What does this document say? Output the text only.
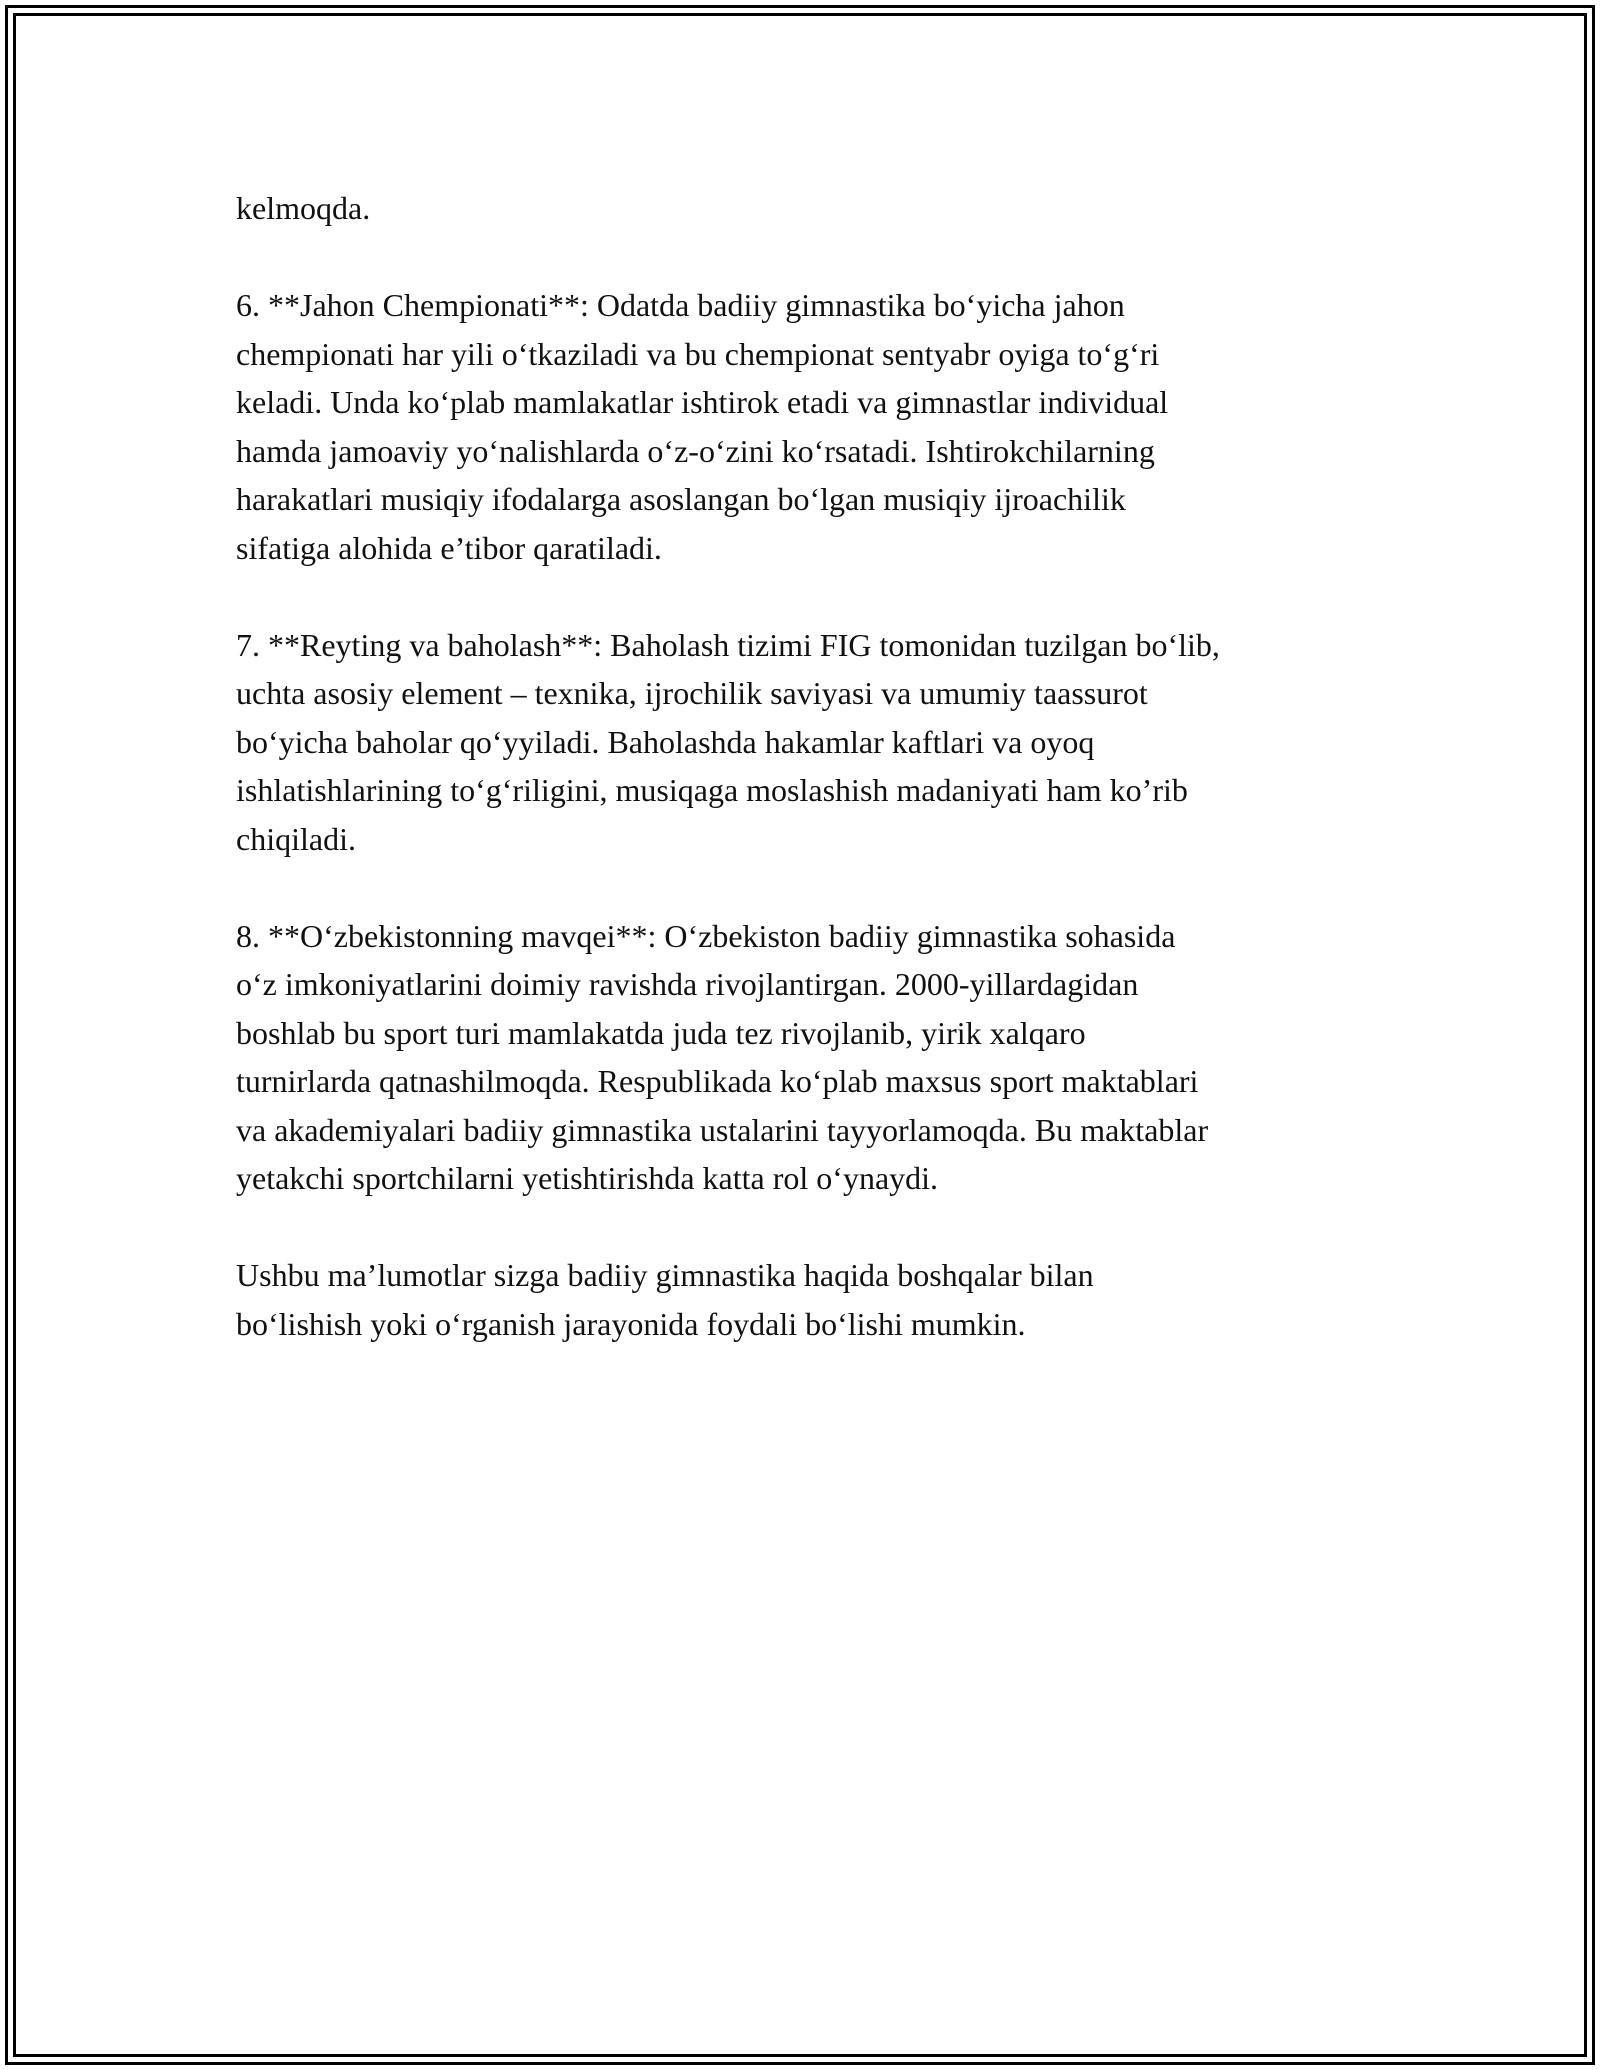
kelmoqda.

6. **Jahon Chempionati**: Odatda badiiy gimnastika bo‘yicha jahon
chempionati har yili o‘tkaziladi va bu chempionat sentyabr oyiga to‘g‘ri
keladi. Unda ko‘plab mamlakatlar ishtirok etadi va gimnastlar individual
hamda jamoaviy yo‘nalishlarda o‘z-o‘zini ko‘rsatadi. Ishtirokchilarning
harakatlari musiqiy ifodalarga asoslangan bo‘lgan musiqiy ijroachilik
sifatiga alohida e’tibor qaratiladi.

7. **Reyting va baholash**: Baholash tizimi FIG tomonidan tuzilgan bo‘lib,
uchta asosiy element – texnika, ijrochilik saviyasi va umumiy taassurot
bo‘yicha baholar qo‘yyiladi. Baholashda hakamlar kaftlari va oyoq
ishlatishlarining to‘g‘riligini, musiqaga moslashish madaniyati ham ko’rib
chiqiladi.

8. **O‘zbekistonning mavqei**: O‘zbekiston badiiy gimnastika sohasida
o‘z imkoniyatlarini doimiy ravishda rivojlantirgan. 2000-yillardagidan
boshlab bu sport turi mamlakatda juda tez rivojlanib, yirik xalqaro
turnirlarda qatnashilmoqda. Respublikada ko‘plab maxsus sport maktablari
va akademiyalari badiiy gimnastika ustalarini tayyorlamoqda. Bu maktablar
yetakchi sportchilarni yetishtirishda katta rol o‘ynaydi.

Ushbu ma’lumotlar sizga badiiy gimnastika haqida boshqalar bilan
bo‘lishish yoki o‘rganish jarayonida foydali bo‘lishi mumkin.
